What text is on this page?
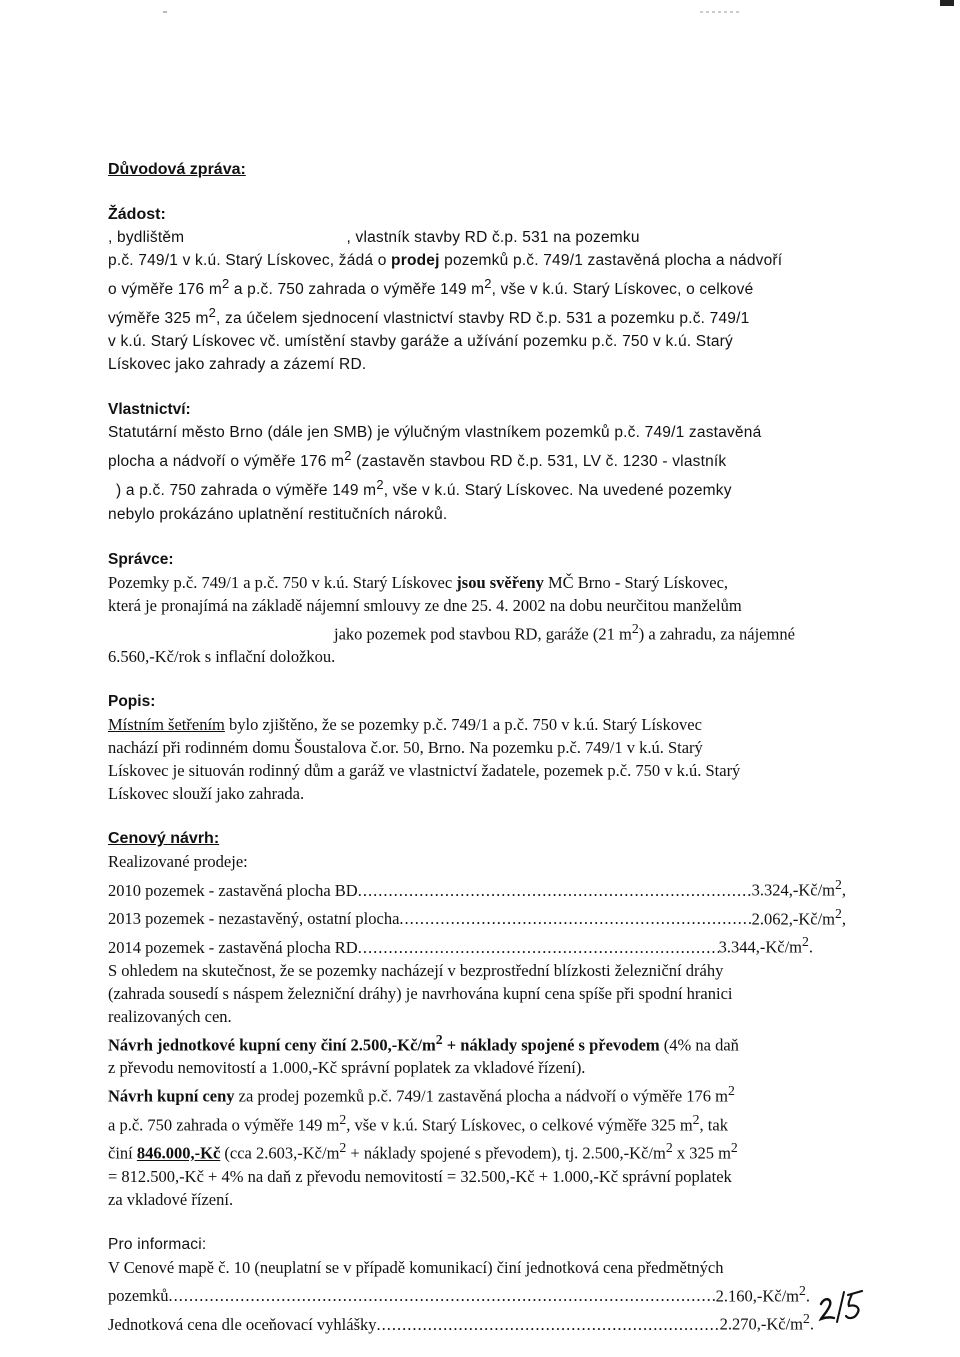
Důvodová zpráva:
Žádost:

, bydlištěm                                    , vlastník stavby RD č.p. 531 na pozemku

p.č. 749/1 v k.ú. Starý Lískovec, žádá o prodej pozemků p.č. 749/1 zastavěná plocha a nádvoří

o výměře 176 $m^2$ a p.č. 750 zahrada o výměře 149 $m^2$, vše v k.ú. Starý Lískovec, o celkové

výměře 325 $m^2$, za účelem sjednocení vlastnictví stavby RD č.p. 531 a pozemku p.č. 749/1

v k.ú. Starý Lískovec vč. umístění stavby garáže a užívání pozemku p.č. 750 v k.ú. Starý

Lískovec jako zahrady a zázemí RD.

Vlastnictví:

Statutární město Brno (dále jen SMB) je výlučným vlastníkem pozemků p.č. 749/1 zastavěná

plocha a nádvoří o výměře 176 $m^2$ (zastavěn stavbou RD č.p. 531, LV č. 1230 - vlastník

) a p.č. 750 zahrada o výměře 149 $m^2$, vše v k.ú. Starý Lískovec. Na uvedené pozemky

nebylo prokázáno uplatnění restitučních nároků.

Správce:

Pozemky p.č. 749/1 a p.č. 750 v k.ú. Starý Lískovec jsou svěřeny MČ Brno - Starý Lískovec,

která je pronajímá na základě nájemní smlouvy ze dne 25. 4. 2002 na dobu neurčitou manželům

jako pozemek pod stavbou RD, garáže (21 $m^2$) a zahradu, za nájemné

6.560,-Kč/rok s inflační doložkou.

Popis:

Místním šetřením bylo zjištěno, že se pozemky p.č. 749/1 a p.č. 750 v k.ú. Starý Lískovec

nachází při rodinném domu Šoustalova č.or. 50, Brno. Na pozemku p.č. 749/1 v k.ú. Starý

Lískovec je situován rodinný dům a garáž ve vlastnictví žadatele, pozemek p.č. 750 v k.ú. Starý

Lískovec slouží jako zahrada.

Cenový návrh:

Realizované prodeje:

2010 pozemek - zastavěná plocha BD .....	$3.324,-Kč/m^2$,
2013 pozemek - nezastavěný, ostatní plocha .....	$2.062,-Kč/m^2$,
2014 pozemek - zastavěná plocha RD .....	$3.344,-Kč/m^2$.

S ohledem na skutečnost, že se pozemky nacházejí v bezprostřední blízkosti železniční dráhy

(zahrada sousedí s náspem železniční dráhy) je navrhována kupní cena spíše při spodní hranici

realizovaných cen.

Návrh jednotkové kupní ceny činí $2.500,-Kč/m^2$ + náklady spojené s převodem (4% na daň

z převodu nemovitostí a 1.000,-Kč správní poplatek za vkladové řízení).

Návrh kupní ceny za prodej pozemků p.č. 749/1 zastavěná plocha a nádvoří o výměře 176 $m^2$

a p.č. 750 zahrada o výměře 149 $m^2$, vše v k.ú. Starý Lískovec, o celkové výměře 325 $m^2$, tak

činí 846.000,-Kč (cca $2.603,-Kč/m^2$ + náklady spojené s převodem), tj. $2.500,-Kč/m^2$ x 325 $m^2$

= 812.500,-Kč + 4% na daň z převodu nemovitostí = 32.500,-Kč + 1.000,-Kč správní poplatek

za vkladové řízení.

Pro informaci:

V Cenové mapě č. 10 (neuplatní se v případě komunikací) činí jednotková cena předmětných

pozemků .....	$2.160,-Kč/m^2$.
Jednotková cena dle oceňovací vyhlášky .....	$2.270,-Kč/m^2$.
